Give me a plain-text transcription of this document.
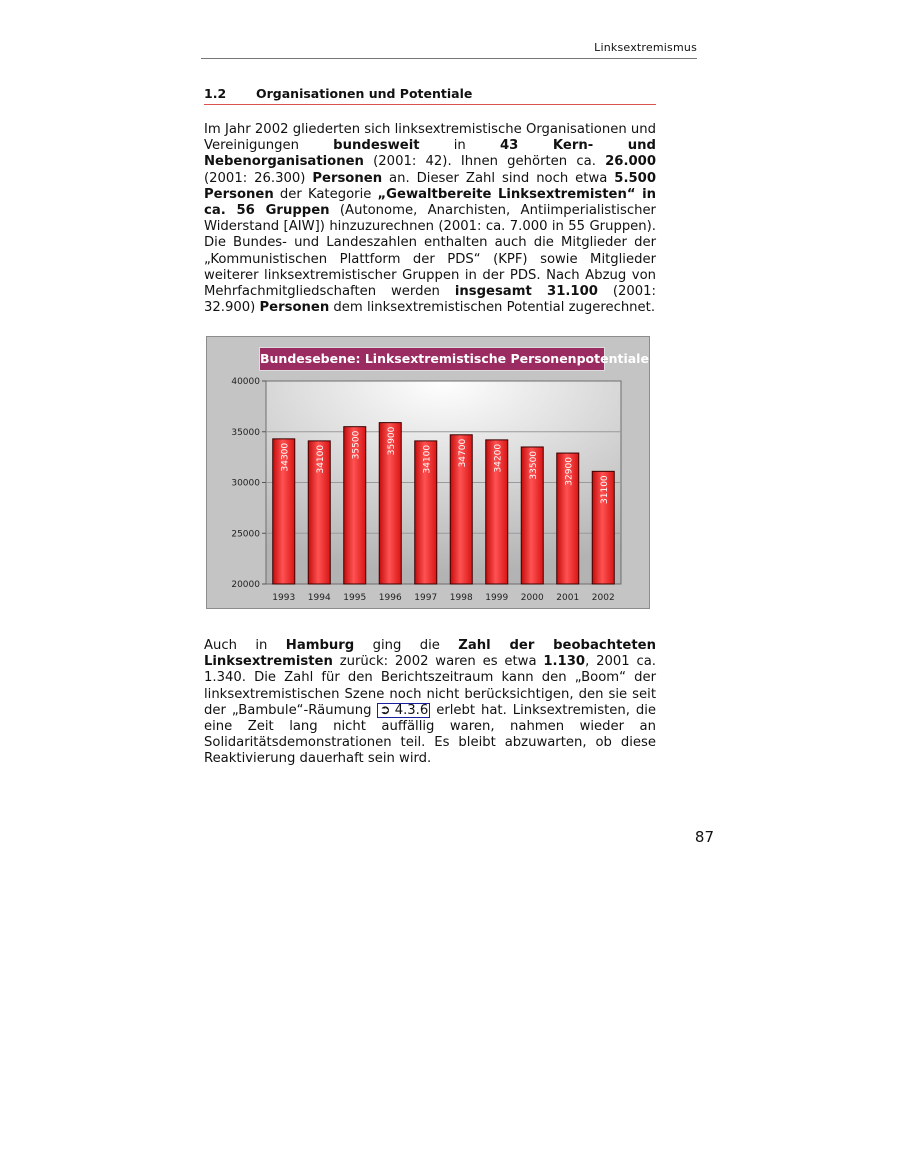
Linksextremismus
1.2 Organisationen und Potentiale

Im Jahr 2002 gliederten sich linksextremistische Organisationen und Vereinigungen bundesweit in 43 Kern- und Nebenorganisationen (2001: 42). Ihnen gehörten ca. 26.000 (2001: 26.300) Personen an. Dieser Zahl sind noch etwa 5.500 Personen der Kategorie „Gewaltbereite Linksextremisten“ in ca. 56 Gruppen (Autonome, Anarchisten, Antiimperialistischer Widerstand [AIW]) hinzuzurechnen (2001: ca. 7.000 in 55 Gruppen). Die Bundes- und Landeszahlen enthalten auch die Mitglieder der „Kommunistischen Plattform der PDS“ (KPF) sowie Mitglieder weiterer linksextremistischer Gruppen in der PDS. Nach Abzug von Mehrfachmitgliedschaften werden insgesamt 31.100 (2001: 32.900) Personen dem linksextremistischen Potential zugerechnet.

20000
25000
30000
35000
40000
34300
1993
34100
1994
35500
1995
35900
1996
34100
1997
34700
1998
34200
1999
33500
2000
32900
2001
31100
2002
Bundesebene: Linksextremistische Personenpotentiale

Auch in Hamburg ging die Zahl der beobachteten Linksextremisten zurück: 2002 waren es etwa 1.130, 2001 ca. 1.340. Die Zahl für den Berichtszeitraum kann den „Boom“ der linksextremistischen Szene noch nicht berücksichtigen, den sie seit der „Bambule“-Räumung ➲ 4.3.6 erlebt hat. Linksextremisten, die eine Zeit lang nicht auffällig waren, nahmen wieder an Solidaritätsdemonstrationen teil. Es bleibt abzuwarten, ob diese Reaktivierung dauerhaft sein wird.

87
